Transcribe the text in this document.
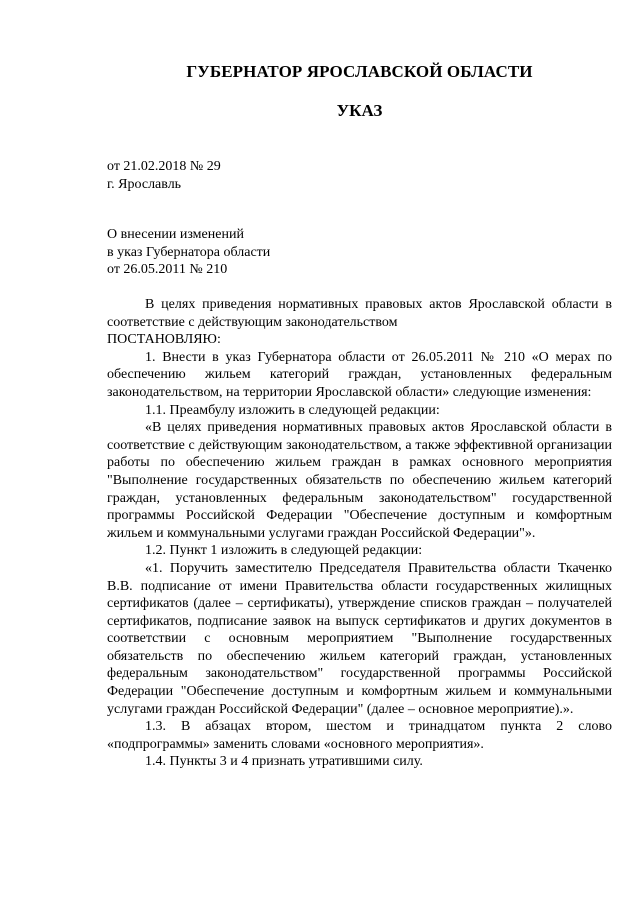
ГУБЕРНАТОР ЯРОСЛАВСКОЙ ОБЛАСТИ
УКАЗ
от 21.02.2018 № 29
г. Ярославль
О внесении изменений
в указ Губернатора области
от 26.05.2011 № 210

В целях приведения нормативных правовых актов Ярославской области в соответствие с действующим законодательством

ПОСТАНОВЛЯЮ:

1. Внести в указ Губернатора области от 26.05.2011 № 210 «О мерах по обеспечению жильем категорий граждан, установленных федеральным законодательством, на территории Ярославской области» следующие изменения:

1.1. Преамбулу изложить в следующей редакции:

«В целях приведения нормативных правовых актов Ярославской области в соответствие с действующим законодательством, а также эффективной организации работы по обеспечению жильем граждан в рамках основного мероприятия "Выполнение государственных обязательств по обеспечению жильем категорий граждан, установленных федеральным законодательством" государственной программы Российской Федерации "Обеспечение доступным и комфортным жильем и коммунальными услугами граждан Российской Федерации"».

1.2. Пункт 1 изложить в следующей редакции:

«1. Поручить заместителю Председателя Правительства области Ткаченко В.В. подписание от имени Правительства области государственных жилищных сертификатов (далее – сертификаты), утверждение списков граждан – получателей сертификатов, подписание заявок на выпуск сертификатов и других документов в соответствии с основным мероприятием "Выполнение государственных обязательств по обеспечению жильем категорий граждан, установленных федеральным законодательством" государственной программы Российской Федерации "Обеспечение доступным и комфортным жильем и коммунальными услугами граждан Российской Федерации" (далее – основное мероприятие).».

1.3. В абзацах втором, шестом и тринадцатом пункта 2 слово «подпрограммы» заменить словами «основного мероприятия».

1.4. Пункты 3 и 4 признать утратившими силу.
